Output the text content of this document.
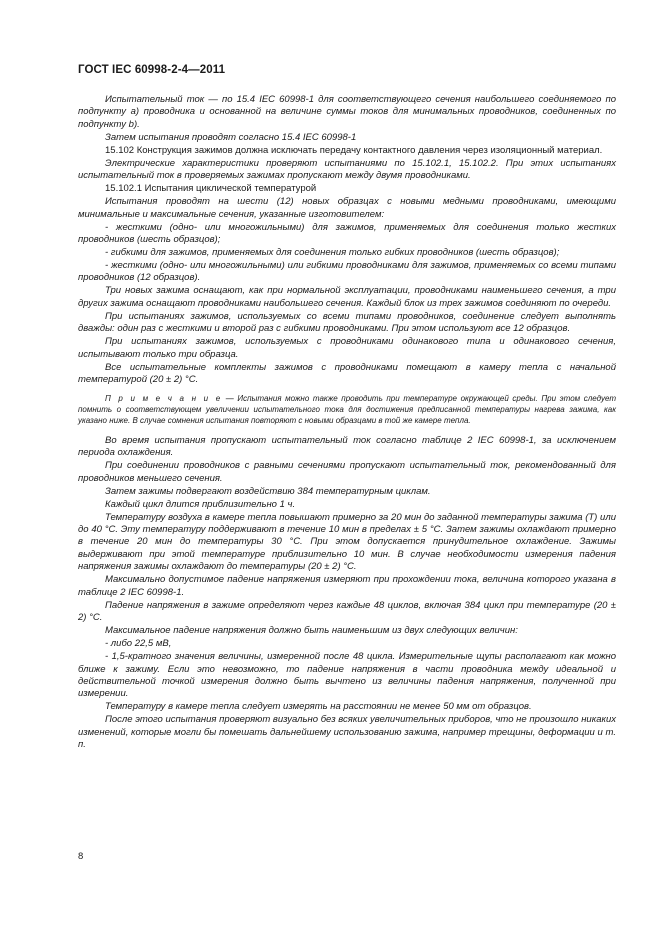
ГОСТ IEC 60998-2-4—2011

Испытательный ток — по 15.4 IEC 60998-1 для соответствующего сечения наибольшего соединяемого по подпункту а) проводника и основанной на величине суммы токов для минимальных проводников, соединенных по подпункту b).

Затем испытания проводят согласно 15.4 IEC 60998-1

15.102 Конструкция зажимов должна исключать передачу контактного давления через изоляционный материал.

Электрические характеристики проверяют испытаниями по 15.102.1, 15.102.2. При этих испытаниях испытательный ток в проверяемых зажимах пропускают между двумя проводниками.

15.102.1 Испытания циклической температурой

Испытания проводят на шести (12) новых образцах с новыми медными проводниками, имеющими минимальные и максимальные сечения, указанные изготовителем:

- жесткими (одно- или многожильными) для зажимов, применяемых для соединения только жестких проводников (шесть образцов);

- гибкими для зажимов, применяемых для соединения только гибких проводников (шесть образцов);

- жесткими (одно- или многожильными) или гибкими проводниками для зажимов, применяемых со всеми типами проводников (12 образцов).

Три новых зажима оснащают, как при нормальной эксплуатации, проводниками наименьшего сечения, а три других зажима оснащают проводниками наибольшего сечения. Каждый блок из трех зажимов соединяют по очереди.

При испытаниях зажимов, используемых со всеми типами проводников, соединение следует выполнять дважды: один раз с жесткими и второй раз с гибкими проводниками. При этом используют все 12 образцов.

При испытаниях зажимов, используемых с проводниками одинакового типа и одинакового сечения, испытывают только три образца.

Все испытательные комплекты зажимов с проводниками помещают в камеру тепла с начальной температурой (20 ± 2) °C.

П р и м е ч а н и е — Испытания можно также проводить при температуре окружающей среды. При этом следует помнить о соответствующем увеличении испытательного тока для достижения предписанной температуры нагрева зажима, как указано ниже. В случае сомнения испытания повторяют с новыми образцами в той же камере тепла.

Во время испытания пропускают испытательный ток согласно таблице 2 IEC 60998-1, за исключением периода охлаждения.

При соединении проводников с равными сечениями пропускают испытательный ток, рекомендованный для проводников меньшего сечения.

Затем зажимы подвергают воздействию 384 температурным циклам.

Каждый цикл длится приблизительно 1 ч.

Температуру воздуха в камере тепла повышают примерно за 20 мин до заданной температуры зажима (Т) или до 40 °C. Эту температуру поддерживают в течение 10 мин в пределах ± 5 °C. Затем зажимы охлаждают примерно в течение 20 мин до температуры 30 °C. При этом допускается принудительное охлаждение. Зажимы выдерживают при этой температуре приблизительно 10 мин. В случае необходимости измерения падения напряжения зажимы охлаждают до температуры (20 ± 2) °C.

Максимально допустимое падение напряжения измеряют при прохождении тока, величина которого указана в таблице 2 IEC 60998-1.

Падение напряжения в зажиме определяют через каждые 48 циклов, включая 384 цикл при температуре (20 ± 2) °C.

Максимальное падение напряжения должно быть наименьшим из двух следующих величин:

- либо 22,5 мВ,

- 1,5-кратного значения величины, измеренной после 48 цикла. Измерительные щупы располагают как можно ближе к зажиму. Если это невозможно, то падение напряжения в части проводника между идеальной и действительной точкой измерения должно быть вычтено из величины падения напряжения, полученной при измерении.

Температуру в камере тепла следует измерять на расстоянии не менее 50 мм от образцов.

После этого испытания проверяют визуально без всяких увеличительных приборов, что не произошло никаких изменений, которые могли бы помешать дальнейшему использованию зажима, например трещины, деформации и т. п.

8
